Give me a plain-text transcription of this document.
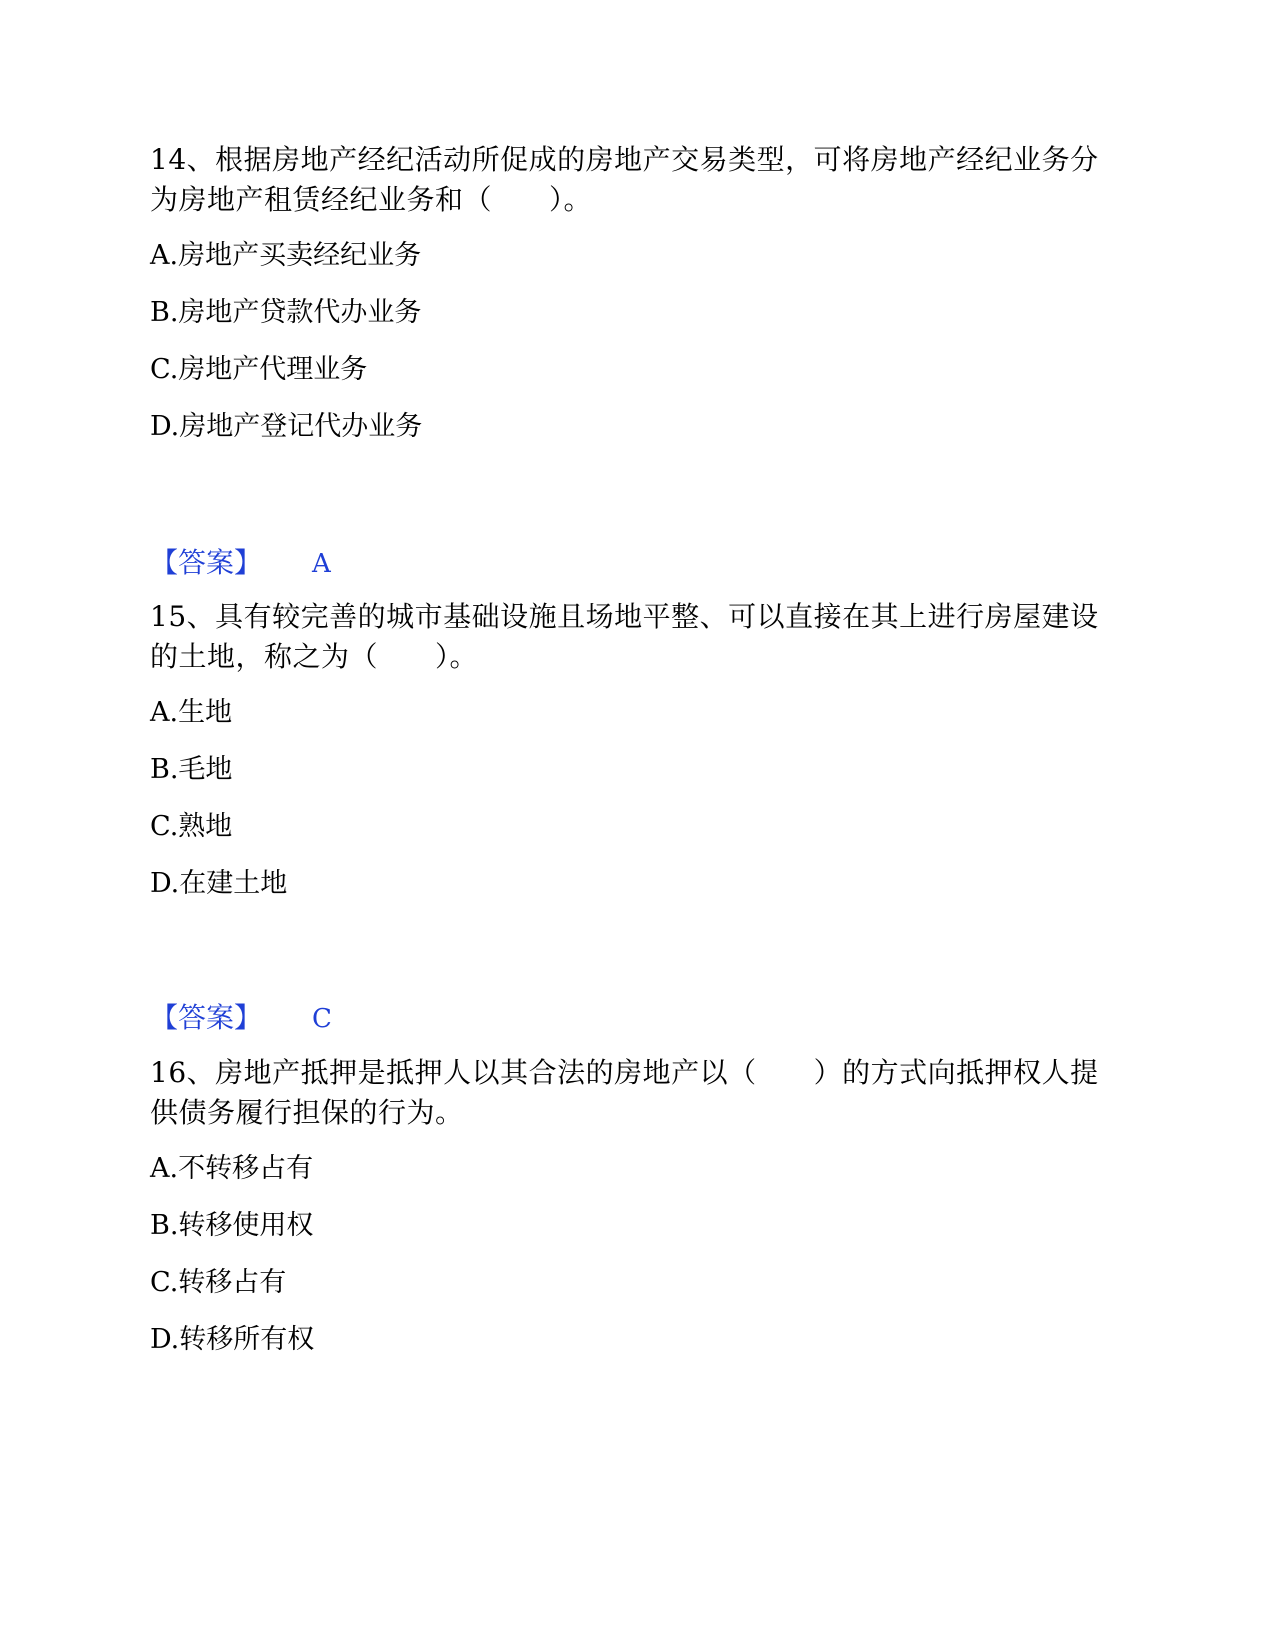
14、根据房地产经纪活动所促成的房地产交易类型，可将房地产经纪业务分为房地产租赁经纪业务和（　　）。

A.房地产买卖经纪业务
B.房地产贷款代办业务
C.房地产代理业务
D.房地产登记代办业务
【答案】 A

15、具有较完善的城市基础设施且场地平整、可以直接在其上进行房屋建设的土地，称之为（　　）。

A.生地
B.毛地
C.熟地
D.在建土地
【答案】 C

16、房地产抵押是抵押人以其合法的房地产以（　　）的方式向抵押权人提供债务履行担保的行为。

A.不转移占有
B.转移使用权
C.转移占有
D.转移所有权
